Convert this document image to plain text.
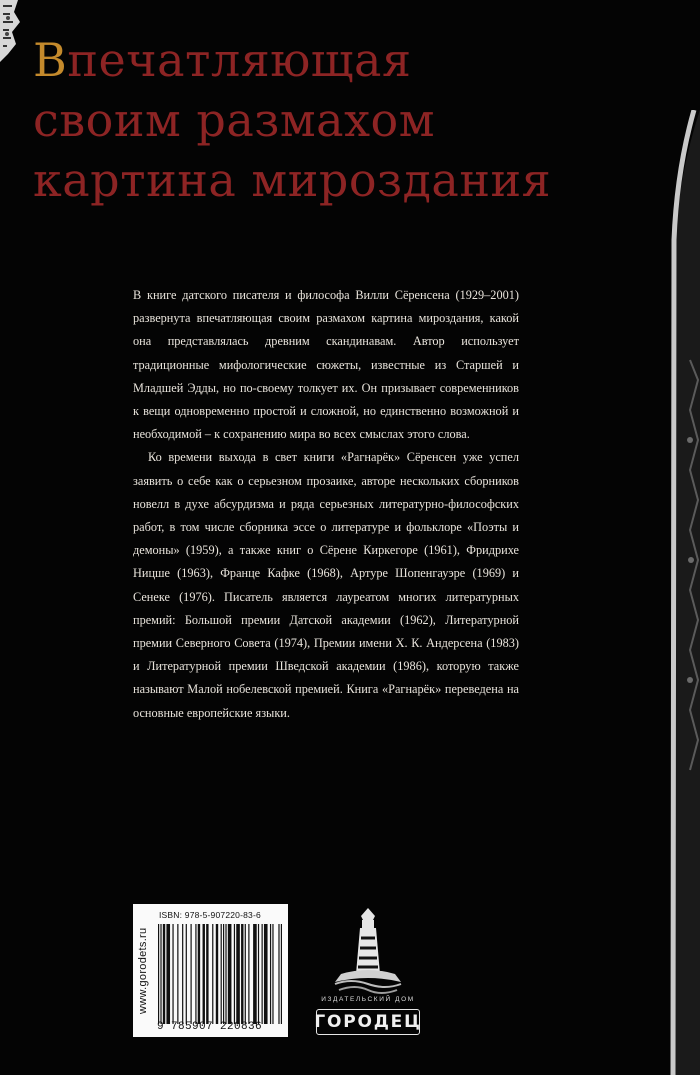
Впечатляющая
своим размахом
картина мироздания

В книге датского писателя и философа Вилли Сёренсена (1929–2001) развернута впечатляющая своим размахом картина мироздания, какой она представлялась древним скандинавам. Автор использует традиционные мифологические сюжеты, известные из Старшей и Младшей Эдды, но по-своему толкует их. Он призывает современников к вещи одновременно простой и сложной, но единственно возможной и необходимой – к сохранению мира во всех смыслах этого слова.

Ко времени выхода в свет книги «Рагнарёк» Сёренсен уже успел заявить о себе как о серьезном прозаике, авторе нескольких сборников новелл в духе абсурдизма и ряда серьезных литературно-философских работ, в том числе сборника эссе о литературе и фольклоре «Поэты и демоны» (1959), а также книг о Сёрене Киркегоре (1961), Фридрихе Ницше (1963), Франце Кафке (1968), Артуре Шопенгауэре (1969) и Сенеке (1976). Писатель является лауреатом многих литературных премий: Большой премии Датской академии (1962), Литературной премии Северного Совета (1974), Премии имени Х. К. Андерсена (1983) и Литературной премии Шведской академии (1986), которую также называют Малой нобелевской премией. Книга «Рагнарёк» переведена на основные европейские языки.

www.gorodets.ru
ISBN: 978-5-907220-83-6
9 785907 220836
ИЗДАТЕЛЬСКИЙ ДОМ
ГОРОДЕЦ
